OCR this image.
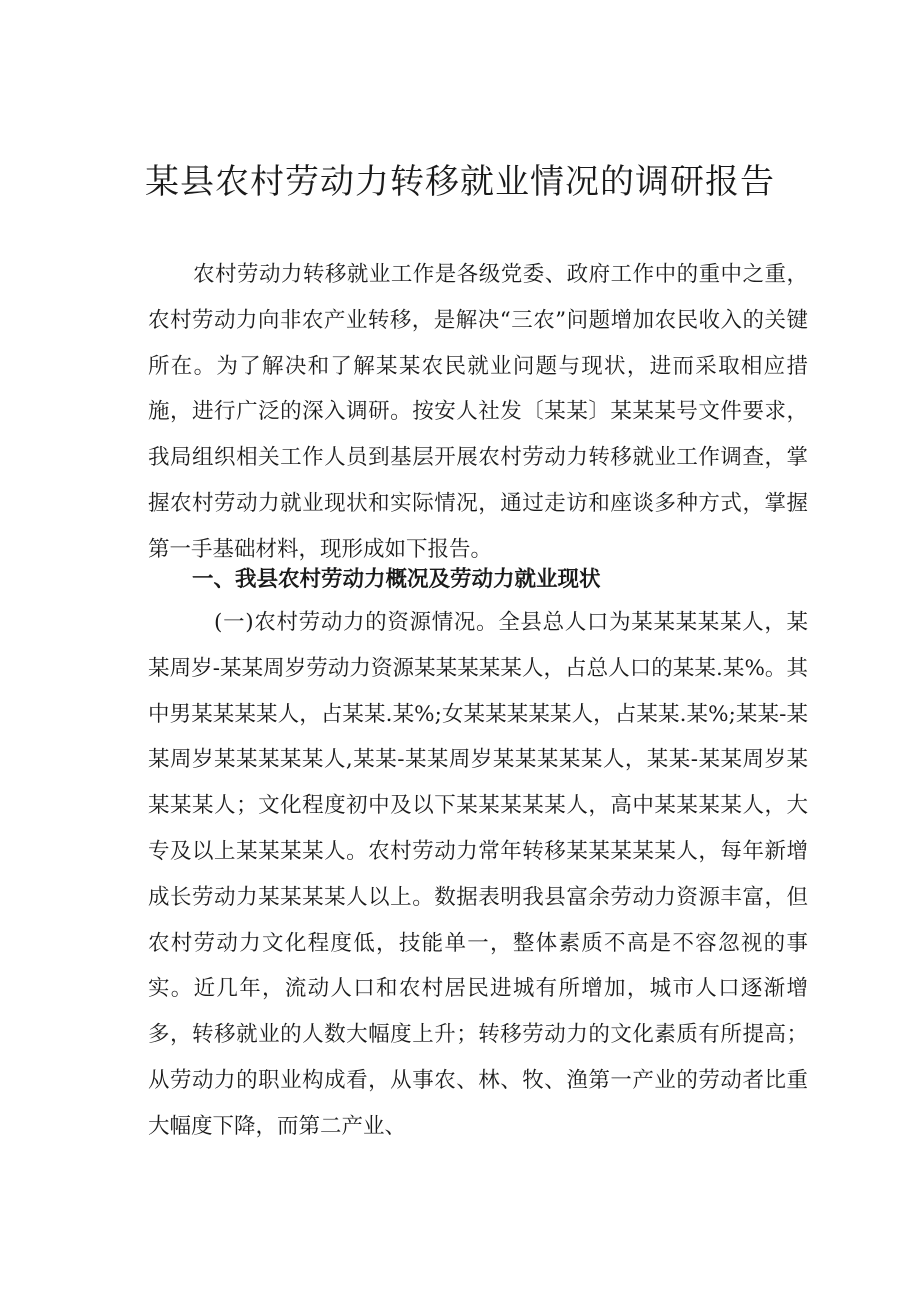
某县农村劳动力转移就业情况的调研报告

农村劳动力转移就业工作是各级党委、政府工作中的重中之重，农村劳动力向非农产业转移，是解决“三农”问题增加农民收入的关键所在。为了解决和了解某某农民就业问题与现状，进而采取相应措施，进行广泛的深入调研。按安人社发〔某某〕某某某号文件要求，我局组织相关工作人员到基层开展农村劳动力转移就业工作调查，掌握农村劳动力就业现状和实际情况，通过走访和座谈多种方式，掌握第一手基础材料，现形成如下报告。

一、我县农村劳动力概况及劳动力就业现状

(一)农村劳动力的资源情况。全县总人口为某某某某某人，某某周岁-某某周岁劳动力资源某某某某某人，占总人口的某某.某%。其中男某某某某人，占某某.某%;女某某某某某人，占某某.某%;某某-某某周岁某某某某某人,某某-某某周岁某某某某某人，某某-某某周岁某某某某人；文化程度初中及以下某某某某某人，高中某某某某人，大专及以上某某某某人。农村劳动力常年转移某某某某某人，每年新增成长劳动力某某某某人以上。数据表明我县富余劳动力资源丰富，但农村劳动力文化程度低，技能单一，整体素质不高是不容忽视的事实。近几年，流动人口和农村居民进城有所增加，城市人口逐渐增多，转移就业的人数大幅度上升；转移劳动力的文化素质有所提高；从劳动力的职业构成看，从事农、林、牧、渔第一产业的劳动者比重大幅度下降，而第二产业、
